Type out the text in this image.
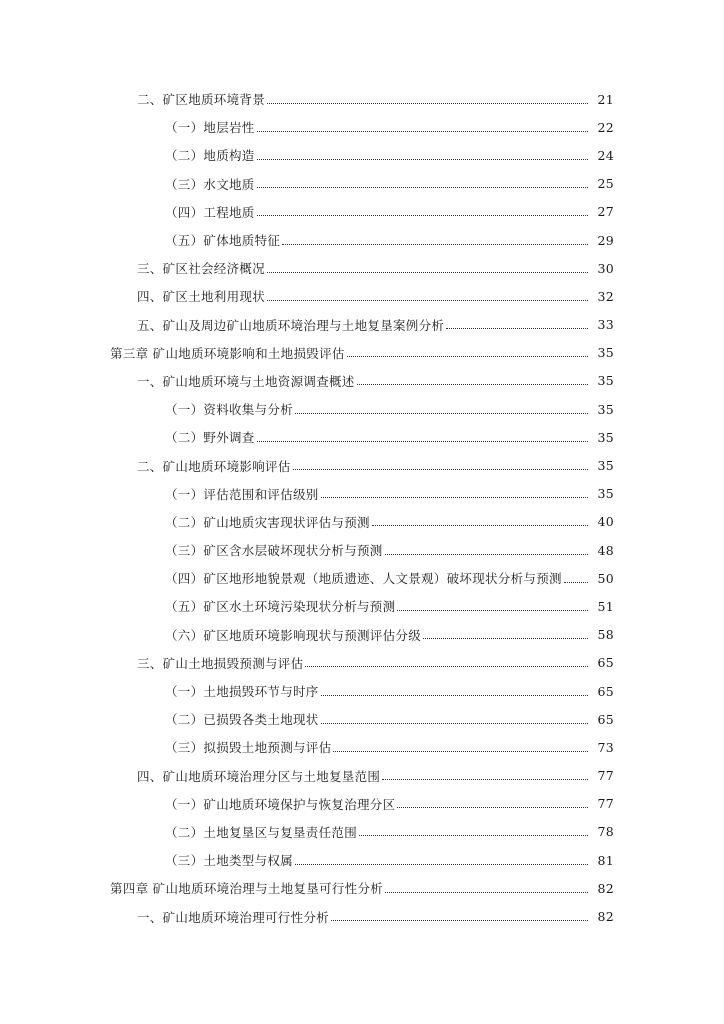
二、矿区地质环境背景	21
（一）地层岩性	22
（二）地质构造	24
（三）水文地质	25
（四）工程地质	27
（五）矿体地质特征	29
三、矿区社会经济概况	30
四、矿区土地利用现状	32
五、矿山及周边矿山地质环境治理与土地复垦案例分析	33
第三章 矿山地质环境影响和土地损毁评估	35
一、矿山地质环境与土地资源调查概述	35
（一）资料收集与分析	35
（二）野外调查	35
二、矿山地质环境影响评估	35
（一）评估范围和评估级别	35
（二）矿山地质灾害现状评估与预测	40
（三）矿区含水层破坏现状分析与预测	48
（四）矿区地形地貌景观（地质遗迹、人文景观）破坏现状分析与预测	50
（五）矿区水土环境污染现状分析与预测	51
（六）矿区地质环境影响现状与预测评估分级	58
三、矿山土地损毁预测与评估	65
（一）土地损毁环节与时序	65
（二）已损毁各类土地现状	65
（三）拟损毁土地预测与评估	73
四、矿山地质环境治理分区与土地复垦范围	77
（一）矿山地质环境保护与恢复治理分区	77
（二）土地复垦区与复垦责任范围	78
（三）土地类型与权属	81
第四章 矿山地质环境治理与土地复垦可行性分析	82
一、矿山地质环境治理可行性分析	82
